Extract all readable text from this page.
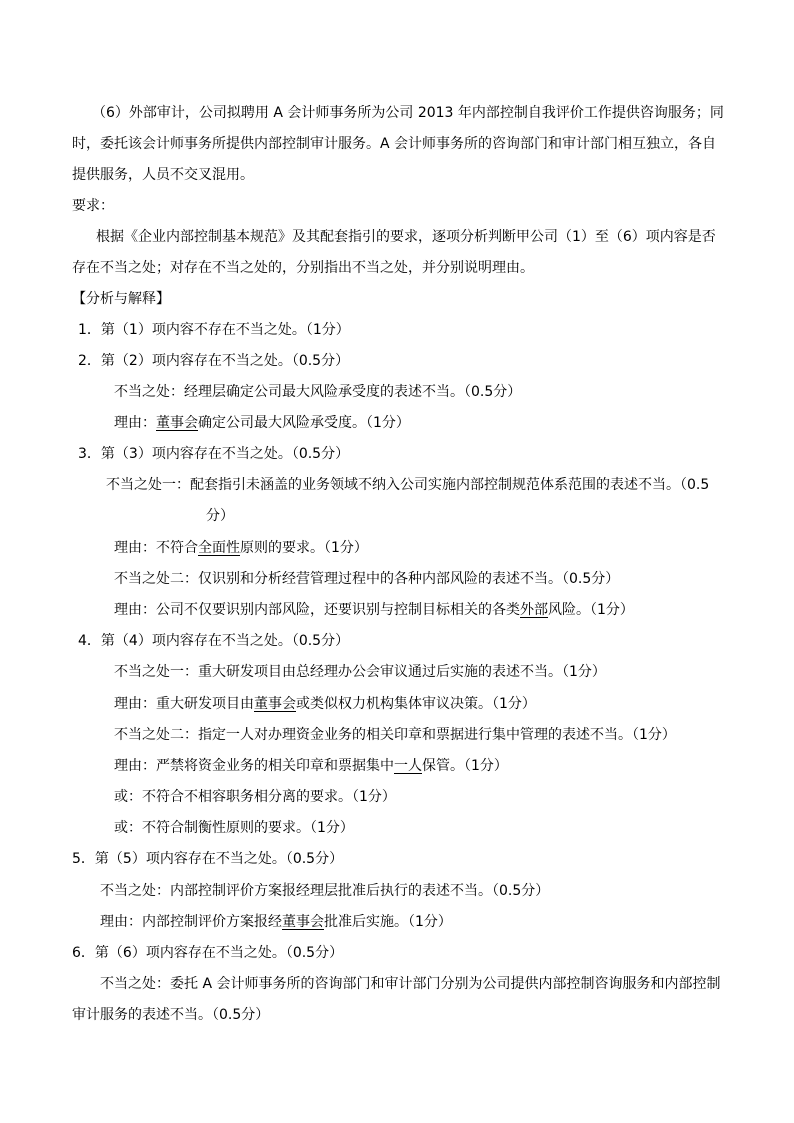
（6）外部审计，公司拟聘用 A 会计师事务所为公司 2013 年内部控制自我评价工作提供咨询服务；同
时，委托该会计师事务所提供内部控制审计服务。A 会计师事务所的咨询部门和审计部门相互独立，各自
提供服务，人员不交叉混用。
要求：
根据《企业内部控制基本规范》及其配套指引的要求，逐项分析判断甲公司（1）至（6）项内容是否
存在不当之处；对存在不当之处的，分别指出不当之处，并分别说明理由。
【分析与解释】
1．第（1）项内容不存在不当之处。（1分）
2．第（2）项内容存在不当之处。（0.5分）
不当之处：经理层确定公司最大风险承受度的表述不当。（0.5分）
理由：董事会确定公司最大风险承受度。（1分）
3．第（3）项内容存在不当之处。（0.5分）
不当之处一：配套指引未涵盖的业务领域不纳入公司实施内部控制规范体系范围的表述不当。（0.5
分）
理由：不符合全面性原则的要求。（1分）
不当之处二：仅识别和分析经营管理过程中的各种内部风险的表述不当。（0.5分）
理由：公司不仅要识别内部风险，还要识别与控制目标相关的各类外部风险。（1分）
4．第（4）项内容存在不当之处。（0.5分）
不当之处一：重大研发项目由总经理办公会审议通过后实施的表述不当。（1分）
理由：重大研发项目由董事会或类似权力机构集体审议决策。（1分）
不当之处二：指定一人对办理资金业务的相关印章和票据进行集中管理的表述不当。（1分）
理由：严禁将资金业务的相关印章和票据集中一人保管。（1分）
或：不符合不相容职务相分离的要求。（1分）
或：不符合制衡性原则的要求。（1分）
5．第（5）项内容存在不当之处。（0.5分）
不当之处：内部控制评价方案报经理层批准后执行的表述不当。（0.5分）
理由：内部控制评价方案报经董事会批准后实施。（1分）
6．第（6）项内容存在不当之处。（0.5分）
不当之处：委托 A 会计师事务所的咨询部门和审计部门分别为公司提供内部控制咨询服务和内部控制
审计服务的表述不当。（0.5分）
